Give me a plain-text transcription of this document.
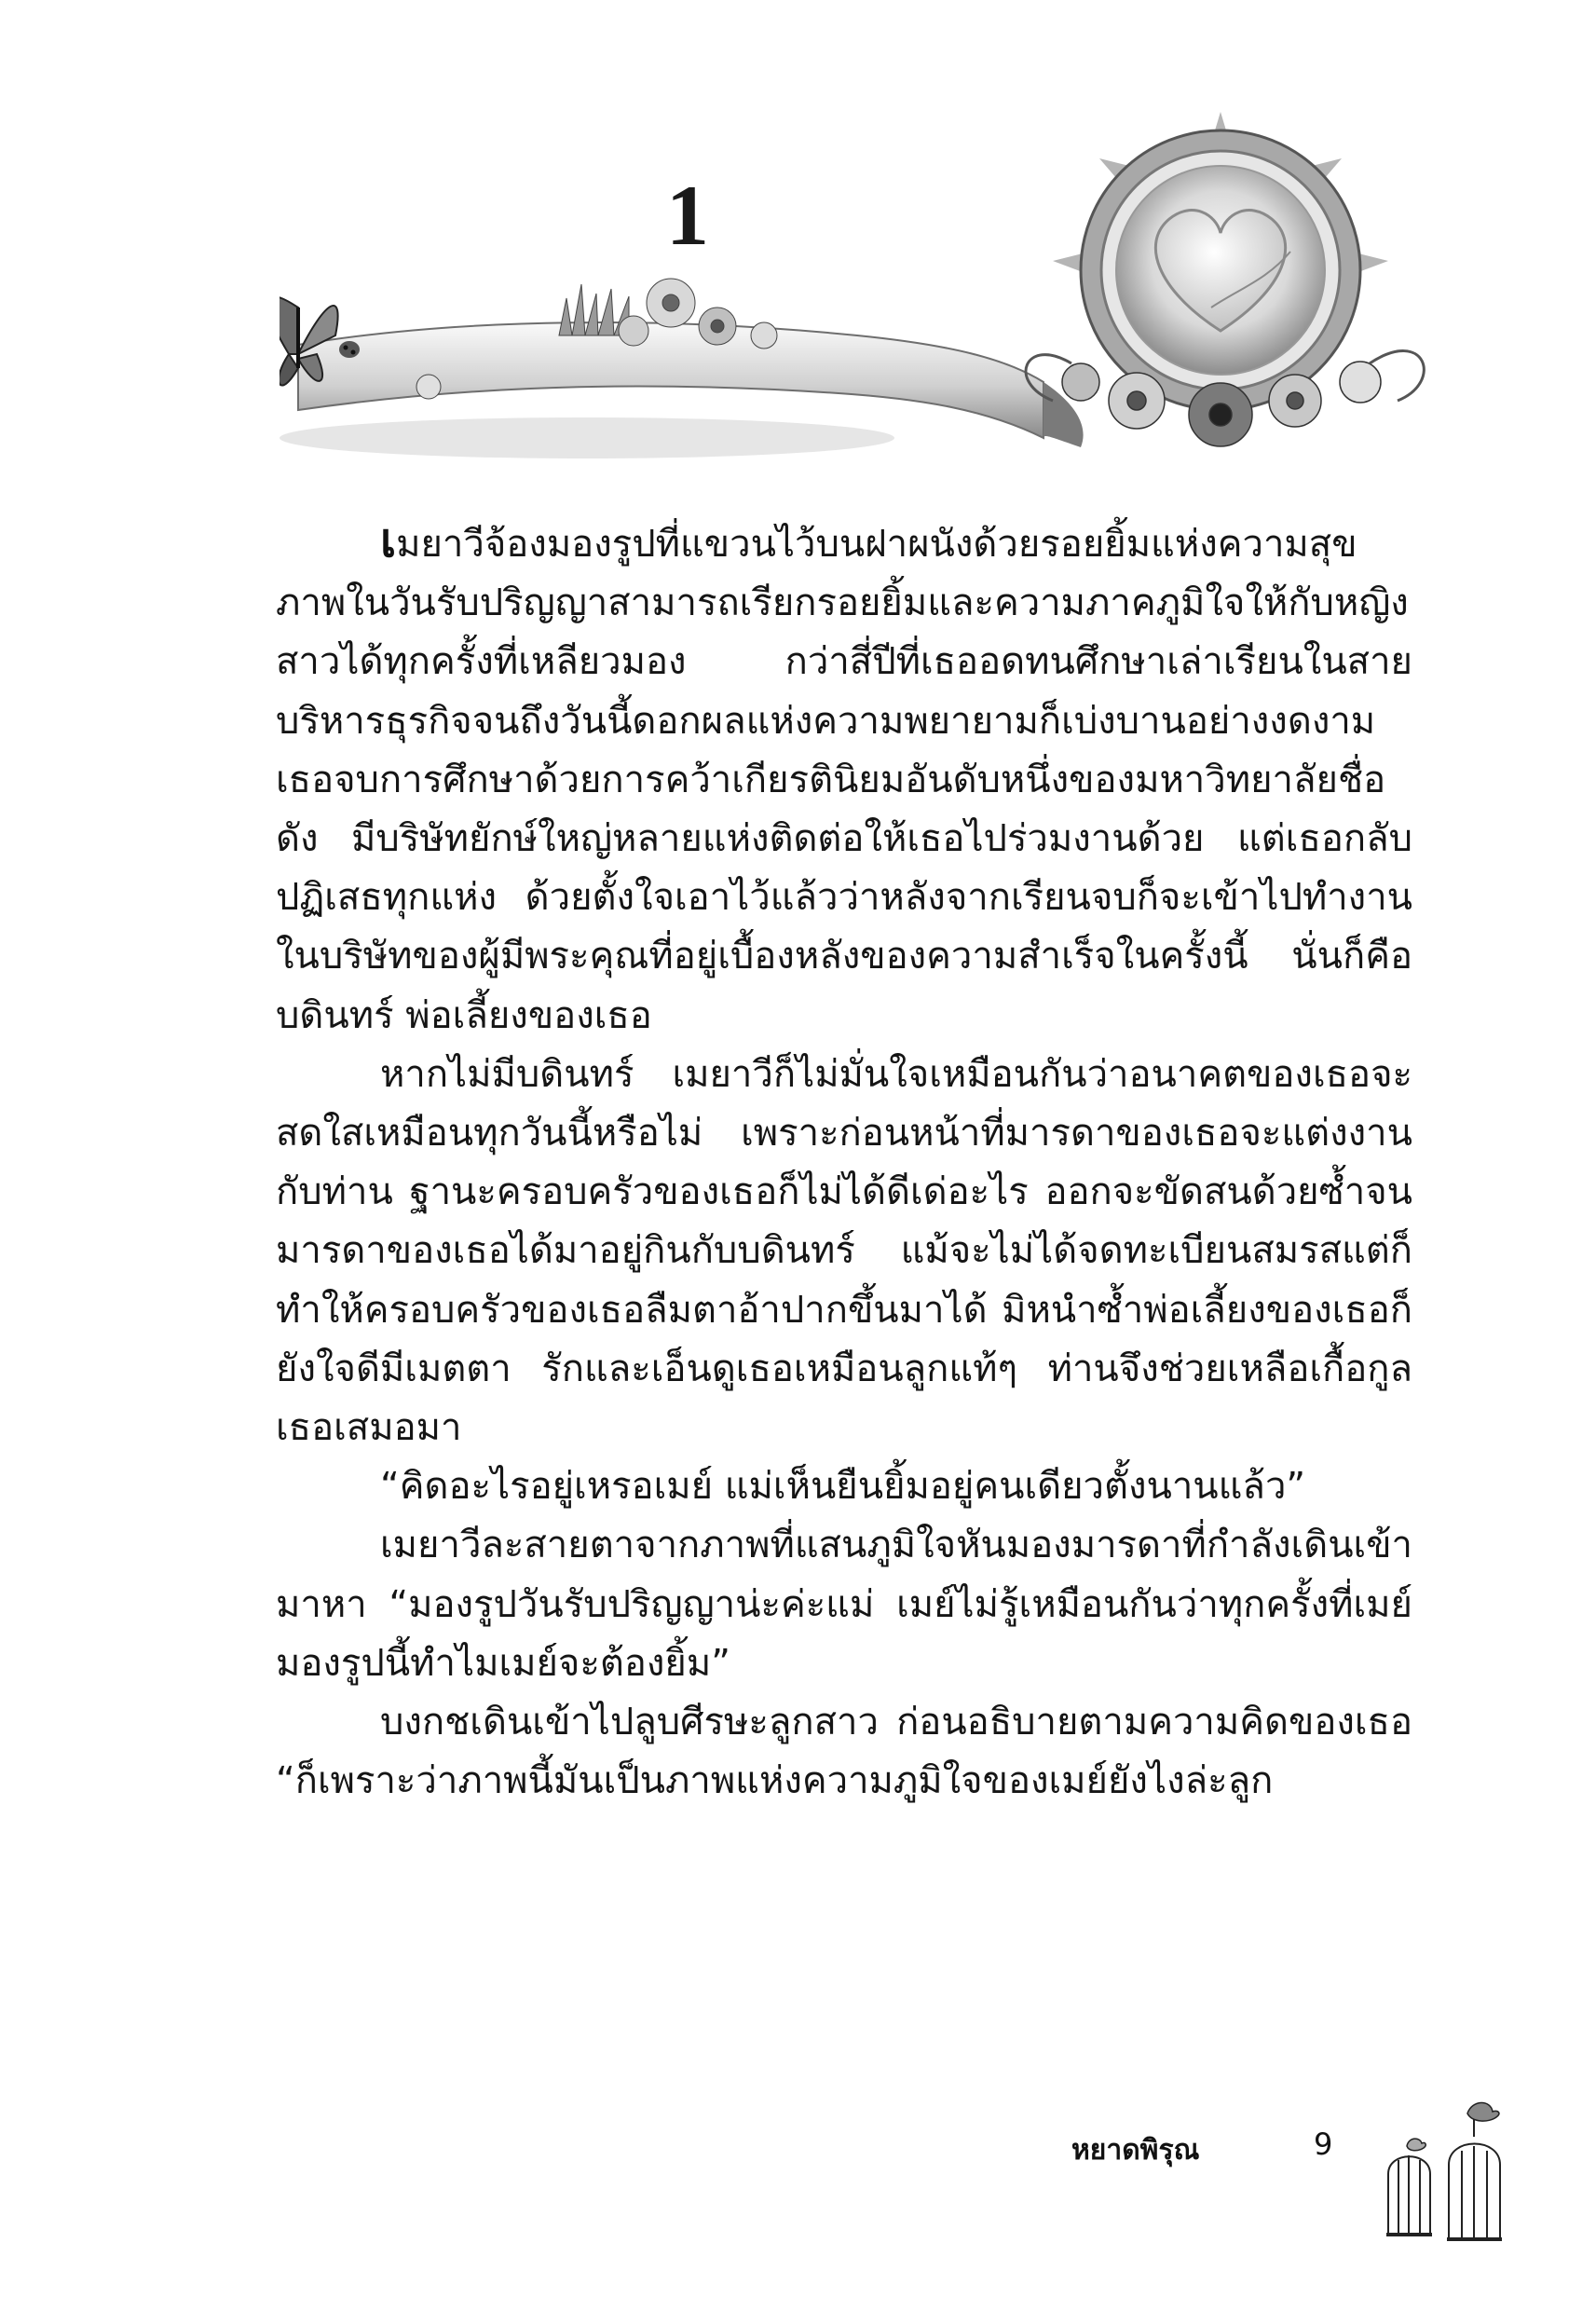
1

เมยาวีจ้องมองรูปที่แขวนไว้บนฝาผนังด้วยรอยยิ้มแห่งความสุข ภาพในวันรับปริญญาสามารถเรียกรอยยิ้มและความภาคภูมิใจให้กับหญิงสาวได้ทุกครั้งที่เหลียวมอง กว่าสี่ปีที่เธออดทนศึกษาเล่าเรียนในสายบริหารธุรกิจจนถึงวันนี้ดอกผลแห่งความพยายามก็เบ่งบานอย่างงดงาม เธอจบการศึกษาด้วยการคว้าเกียรตินิยมอันดับหนึ่งของมหาวิทยาลัยชื่อดัง มีบริษัทยักษ์ใหญ่หลายแห่งติดต่อให้เธอไปร่วมงานด้วย แต่เธอกลับปฏิเสธทุกแห่ง ด้วยตั้งใจเอาไว้แล้วว่าหลังจากเรียนจบก็จะเข้าไปทำงานในบริษัทของผู้มีพระคุณที่อยู่เบื้องหลังของความสำเร็จในครั้งนี้ นั่นก็คือบดินทร์ พ่อเลี้ยงของเธอ

หากไม่มีบดินทร์ เมยาวีก็ไม่มั่นใจเหมือนกันว่าอนาคตของเธอจะสดใสเหมือนทุกวันนี้หรือไม่ เพราะก่อนหน้าที่มารดาของเธอจะแต่งงานกับท่าน ฐานะครอบครัวของเธอก็ไม่ได้ดีเด่อะไร ออกจะขัดสนด้วยซ้ำจนมารดาของเธอได้มาอยู่กินกับบดินทร์ แม้จะไม่ได้จดทะเบียนสมรสแต่ก็ทำให้ครอบครัวของเธอลืมตาอ้าปากขึ้นมาได้ มิหนำซ้ำพ่อเลี้ยงของเธอก็ยังใจดีมีเมตตา รักและเอ็นดูเธอเหมือนลูกแท้ๆ ท่านจึงช่วยเหลือเกื้อกูลเธอเสมอมา

“คิดอะไรอยู่เหรอเมย์ แม่เห็นยืนยิ้มอยู่คนเดียวตั้งนานแล้ว”

เมยาวีละสายตาจากภาพที่แสนภูมิใจหันมองมารดาที่กำลังเดินเข้ามาหา “มองรูปวันรับปริญญาน่ะค่ะแม่ เมย์ไม่รู้เหมือนกันว่าทุกครั้งที่เมย์มองรูปนี้ทำไมเมย์จะต้องยิ้ม”

บงกชเดินเข้าไปลูบศีรษะลูกสาว ก่อนอธิบายตามความคิดของเธอ “ก็เพราะว่าภาพนี้มันเป็นภาพแห่งความภูมิใจของเมย์ยังไงล่ะลูก

หยาดพิรุณ	9
